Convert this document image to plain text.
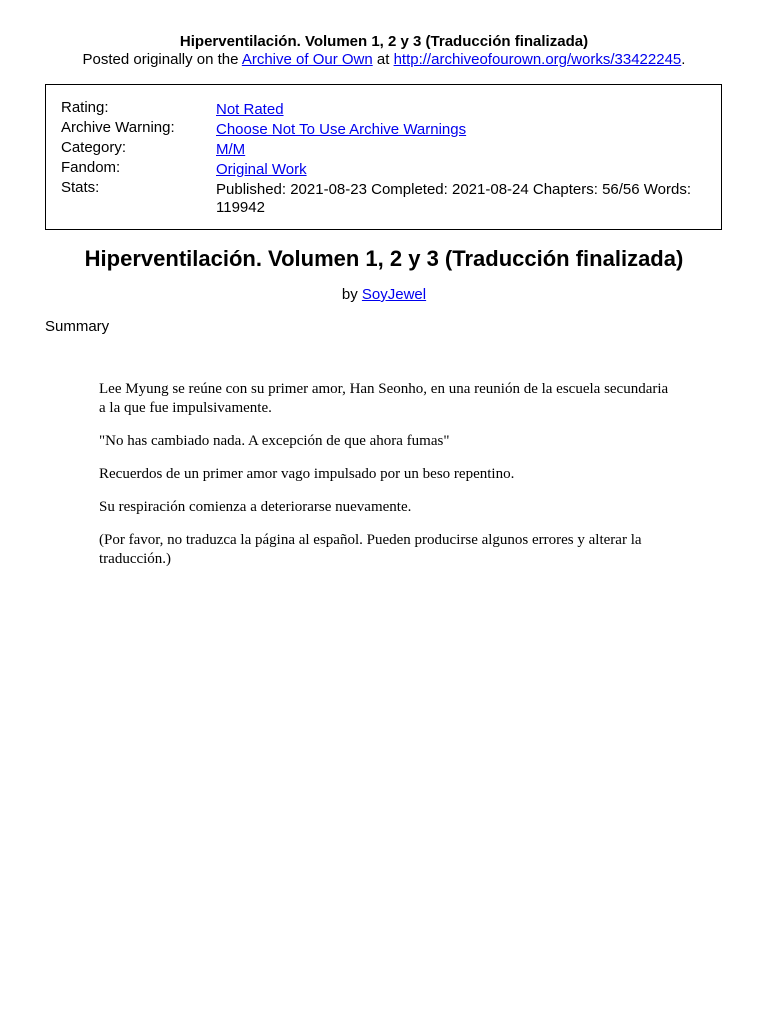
Hiperventilación. Volumen 1, 2 y 3 (Traducción finalizada)
Posted originally on the Archive of Our Own at http://archiveofourown.org/works/33422245.
Rating:	Not Rated
Archive Warning:	Choose Not To Use Archive Warnings
Category:	M/M
Fandom:	Original Work
Stats:	Published: 2021-08-23 Completed: 2021-08-24 Chapters: 56/56 Words: 119942
Hiperventilación. Volumen 1, 2 y 3 (Traducción finalizada)
by SoyJewel
Summary

Lee Myung se reúne con su primer amor, Han Seonho, en una reunión de la escuela secundaria a la que fue impulsivamente.

"No has cambiado nada. A excepción de que ahora fumas"

Recuerdos de un primer amor vago impulsado por un beso repentino.

Su respiración comienza a deteriorarse nuevamente.

(Por favor, no traduzca la página al español. Pueden producirse algunos errores y alterar la traducción.)
